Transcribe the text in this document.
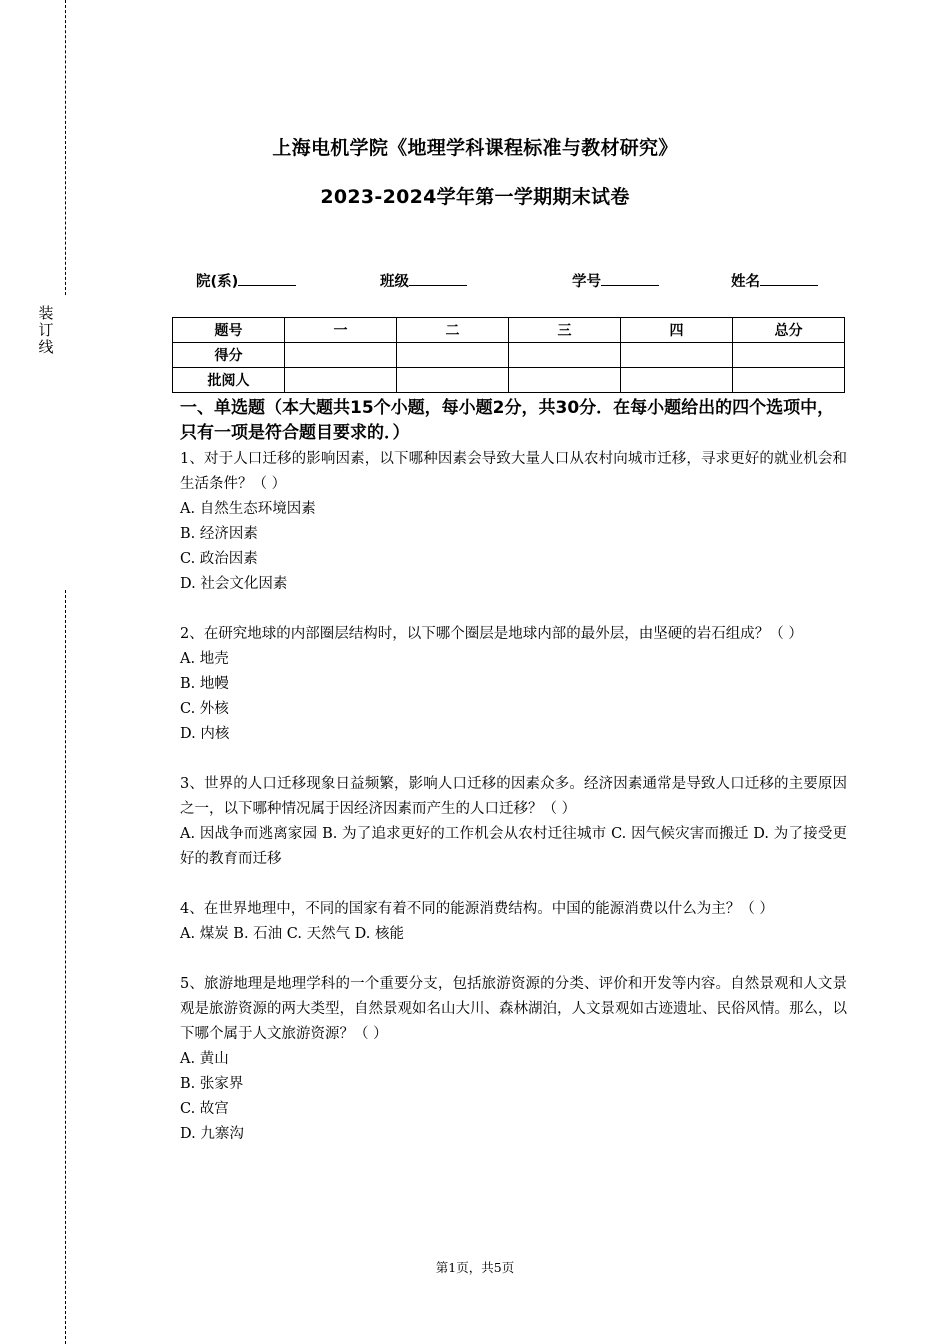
装
订
线
上海电机学院《地理学科课程标准与教材研究》
2023-2024学年第一学期期末试卷
院(系)	班级	学号	姓名
题号	一	二	三	四	总分
得分					
批阅人					
一、单选题（本大题共15个小题，每小题2分，共30分．在每小题给出的四个选项中，只有一项是符合题目要求的．）
1、对于人口迁移的影响因素，以下哪种因素会导致大量人口从农村向城市迁移，寻求更好的就业机会和生活条件？（ ）
A. 自然生态环境因素
B. 经济因素
C. 政治因素
D. 社会文化因素
2、在研究地球的内部圈层结构时，以下哪个圈层是地球内部的最外层，由坚硬的岩石组成？（ ）
A. 地壳
B. 地幔
C. 外核
D. 内核
3、世界的人口迁移现象日益频繁，影响人口迁移的因素众多。经济因素通常是导致人口迁移的主要原因之一，以下哪种情况属于因经济因素而产生的人口迁移？（ ）
A. 因战争而逃离家园 B. 为了追求更好的工作机会从农村迁往城市 C. 因气候灾害而搬迁 D. 为了接受更好的教育而迁移
4、在世界地理中，不同的国家有着不同的能源消费结构。中国的能源消费以什么为主？（ ）
A. 煤炭 B. 石油 C. 天然气 D. 核能
5、旅游地理是地理学科的一个重要分支，包括旅游资源的分类、评价和开发等内容。自然景观和人文景观是旅游资源的两大类型，自然景观如名山大川、森林湖泊，人文景观如古迹遗址、民俗风情。那么，以下哪个属于人文旅游资源？（ ）
A. 黄山
B. 张家界
C. 故宫
D. 九寨沟
第1页，共5页
